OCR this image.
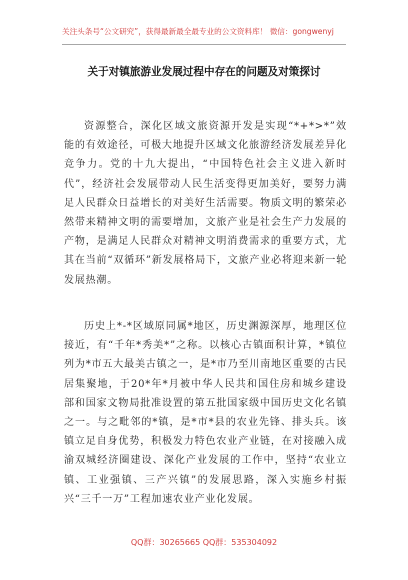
关注头条号“公文研究”，获得最新最全最专业的公文资料库！ 微信：gongwenyj
关于对镇旅游业发展过程中存在的问题及对策探讨

资源整合，深化区域文旅资源开发是实现“*+*>*”效能的有效途径，可极大地提升区域文化旅游经济发展差异化竞争力。党的十九大提出，“中国特色社会主义进入新时代”，经济社会发展带动人民生活变得更加美好，要努力满足人民群众日益增长的对美好生活需要。物质文明的繁荣必然带来精神文明的需要增加，文旅产业是社会生产力发展的产物，是满足人民群众对精神文明消费需求的重要方式，尤其在当前“双循环”新发展格局下，文旅产业必将迎来新一轮发展热潮。

历史上*-*区域原同属*地区，历史渊源深厚，地理区位接近，有“千年*秀美*”之称。以核心古镇面积计算，*镇位列为*市五大最美古镇之一，是*市乃至川南地区重要的古民居集聚地，于20*年*月被中华人民共和国住房和城乡建设部和国家文物局批准设置的第五批国家级中国历史文化名镇之一。与之毗邻的*镇，是*市*县的农业先锋、排头兵。该镇立足自身优势，积极发力特色农业产业链，在对接融入成渝双城经济圈建设、深化产业发展的工作中，坚持“农业立镇、工业强镇、三产兴镇”的发展思路，深入实施乡村振兴“三千一万”工程加速农业产业化发展。

QQ群：30265665 QQ群：535304092
